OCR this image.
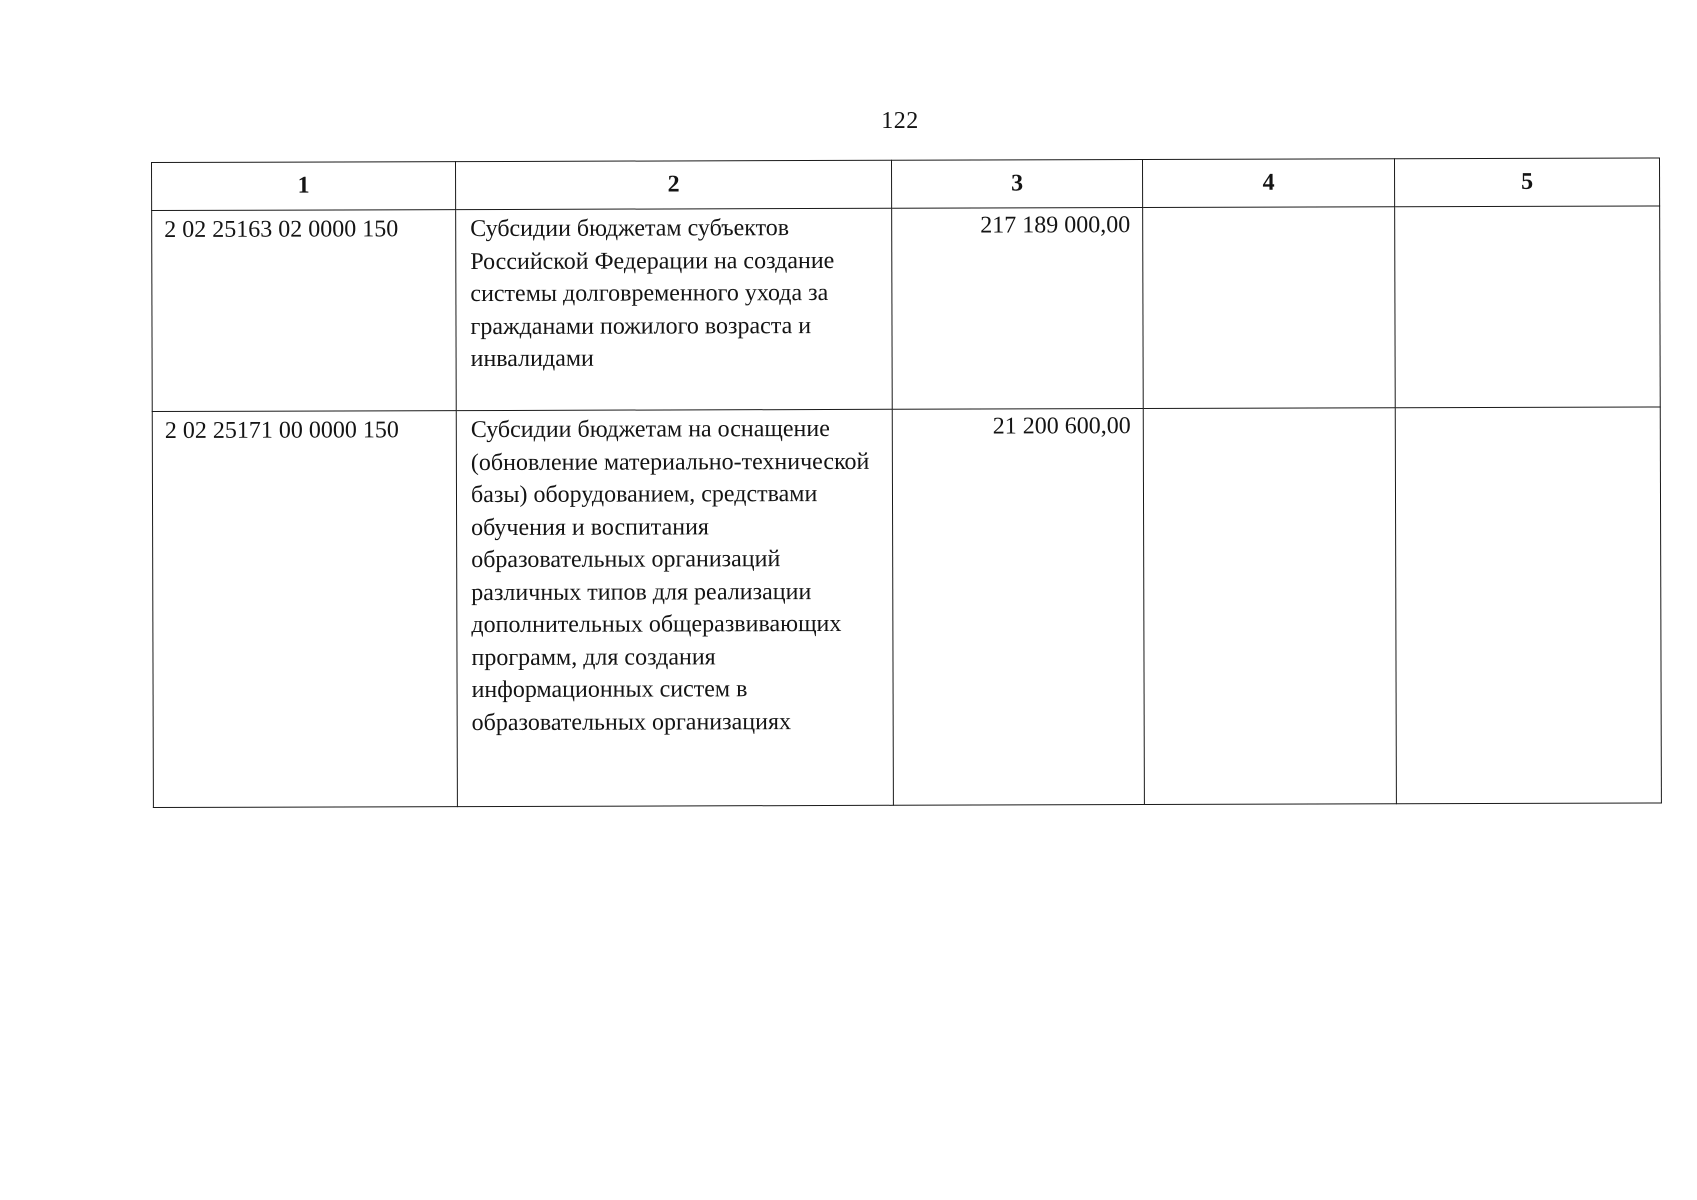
122
1	2	3	4	5
2 02 25163 02 0000 150	Субсидии бюджетам субъектов Российской Федерации на создание системы долговременного ухода за гражданами пожилого возраста и инвалидами	217 189 000,00		
2 02 25171 00 0000 150	Субсидии бюджетам на оснащение (обновление материально-технической базы) оборудованием, средствами обучения и воспитания образовательных организаций различных типов для реализации дополнительных общеразвивающих программ, для создания информационных систем в образовательных организациях	21 200 600,00		
